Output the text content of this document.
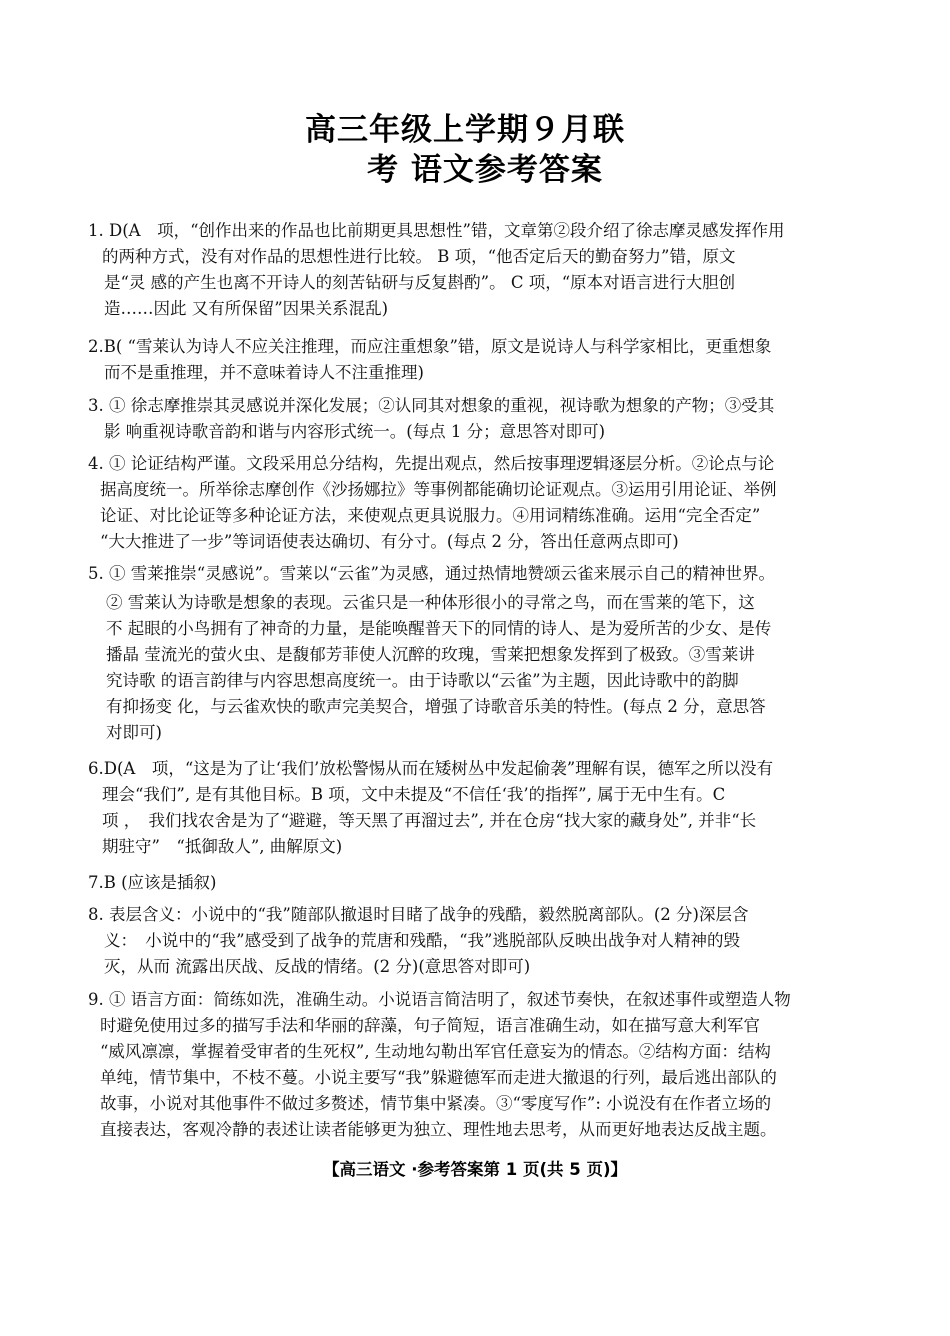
高三年级上学期９月联
考 语文参考答案
1. D(A　项，“创作出来的作品也比前期更具思想性”错，文章第②段介绍了徐志摩灵感发挥作用
的两种方式，没有对作品的思想性进行比较。 B 项，“他否定后天的勤奋努力”错，原文
是“灵 感的产生也离不开诗人的刻苦钻研与反复斟酌”。 C 项，“原本对语言进行大胆创
造……因此 又有所保留”因果关系混乱)
2.B( “雪莱认为诗人不应关注推理，而应注重想象”错，原文是说诗人与科学家相比，更重想象
而不是重推理，并不意味着诗人不注重推理)
3. ① 徐志摩推崇其灵感说并深化发展；②认同其对想象的重视，视诗歌为想象的产物；③受其
影 响重视诗歌音韵和谐与内容形式统一。(每点 1 分；意思答对即可)
4. ① 论证结构严谨。文段采用总分结构，先提出观点，然后按事理逻辑逐层分析。②论点与论
据高度统一。所举徐志摩创作《沙扬娜拉》等事例都能确切论证观点。③运用引用论证、举例
论证、对比论证等多种论证方法，来使观点更具说服力。④用词精练准确。运用“完全否定”
“大大推进了一步”等词语使表达确切、有分寸。(每点 2 分，答出任意两点即可)
5. ① 雪莱推崇“灵感说”。雪莱以“云雀”为灵感，通过热情地赞颂云雀来展示自己的精神世界。
② 雪莱认为诗歌是想象的表现。云雀只是一种体形很小的寻常之鸟，而在雪莱的笔下，这
不 起眼的小鸟拥有了神奇的力量，是能唤醒普天下的同情的诗人、是为爱所苦的少女、是传
播晶 莹流光的萤火虫、是馥郁芳菲使人沉醉的玫瑰，雪莱把想象发挥到了极致。③雪莱讲
究诗歌 的语言韵律与内容思想高度统一。由于诗歌以“云雀”为主题，因此诗歌中的韵脚
有抑扬变 化，与云雀欢快的歌声完美契合，增强了诗歌音乐美的特性。(每点 2 分，意思答
对即可)
6.D(A　项，“这是为了让‘我们’放松警惕从而在矮树丛中发起偷袭”理解有误，德军之所以没有
理会“我们”, 是有其他目标。B 项，文中未提及“不信任‘我’的指挥”, 属于无中生有。C
项 ，　我们找农舍是为了“避避，等天黑了再溜过去”, 并在仓房“找大家的藏身处”, 并非“长
期驻守”　“抵御敌人”, 曲解原文)
7.B (应该是插叙)
8. 表层含义：小说中的“我”随部队撤退时目睹了战争的残酷，毅然脱离部队。(2 分)深层含
义：　小说中的“我”感受到了战争的荒唐和残酷，“我”逃脱部队反映出战争对人精神的毁
灭，从而 流露出厌战、反战的情绪。(2 分)(意思答对即可)
9. ① 语言方面：简练如洗，准确生动。小说语言简洁明了，叙述节奏快，在叙述事件或塑造人物
时避免使用过多的描写手法和华丽的辞藻，句子简短，语言准确生动，如在描写意大利军官
“威风凛凛，掌握着受审者的生死权”, 生动地勾勒出军官任意妄为的情态。②结构方面：结构
单纯，情节集中，不枝不蔓。小说主要写“我”躲避德军而走进大撤退的行列，最后逃出部队的
故事，小说对其他事件不做过多赘述，情节集中紧凑。③“零度写作”: 小说没有在作者立场的
直接表达，客观冷静的表述让读者能够更为独立、理性地去思考，从而更好地表达反战主题。
【高三语文 ·参考答案第 1 页(共 5 页)】
